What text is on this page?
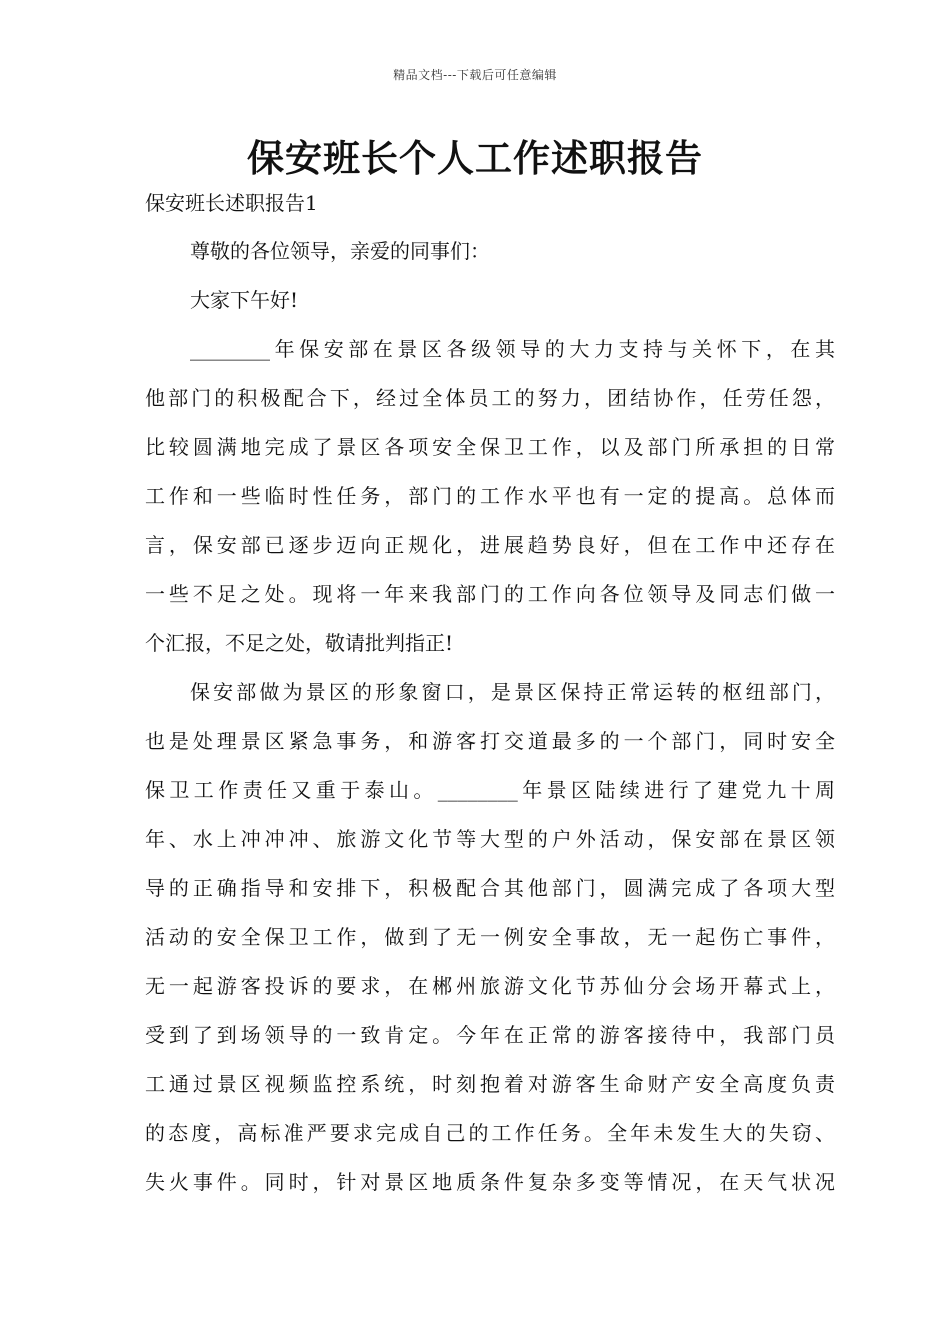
精品文档---下载后可任意编辑
保安班长个人工作述职报告
保安班长述职报告1
尊敬的各位领导，亲爱的同事们：
大家下午好!
________年保安部在景区各级领导的大力支持与关怀下，在其
他部门的积极配合下，经过全体员工的努力，团结协作，任劳任怨，
比较圆满地完成了景区各项安全保卫工作，以及部门所承担的日常
工作和一些临时性任务，部门的工作水平也有一定的提高。总体而
言，保安部已逐步迈向正规化，进展趋势良好，但在工作中还存在
一些不足之处。现将一年来我部门的工作向各位领导及同志们做一
个汇报，不足之处，敬请批判指正!
保安部做为景区的形象窗口，是景区保持正常运转的枢纽部门，
也是处理景区紧急事务，和游客打交道最多的一个部门，同时安全
保卫工作责任又重于泰山。________年景区陆续进行了建党九十周
年、水上冲冲冲、旅游文化节等大型的户外活动，保安部在景区领
导的正确指导和安排下，积极配合其他部门，圆满完成了各项大型
活动的安全保卫工作，做到了无一例安全事故，无一起伤亡事件，
无一起游客投诉的要求，在郴州旅游文化节苏仙分会场开幕式上，
受到了到场领导的一致肯定。今年在正常的游客接待中，我部门员
工通过景区视频监控系统，时刻抱着对游客生命财产安全高度负责
的态度，高标准严要求完成自己的工作任务。全年未发生大的失窃、
失火事件。同时，针对景区地质条件复杂多变等情况，在天气状况
